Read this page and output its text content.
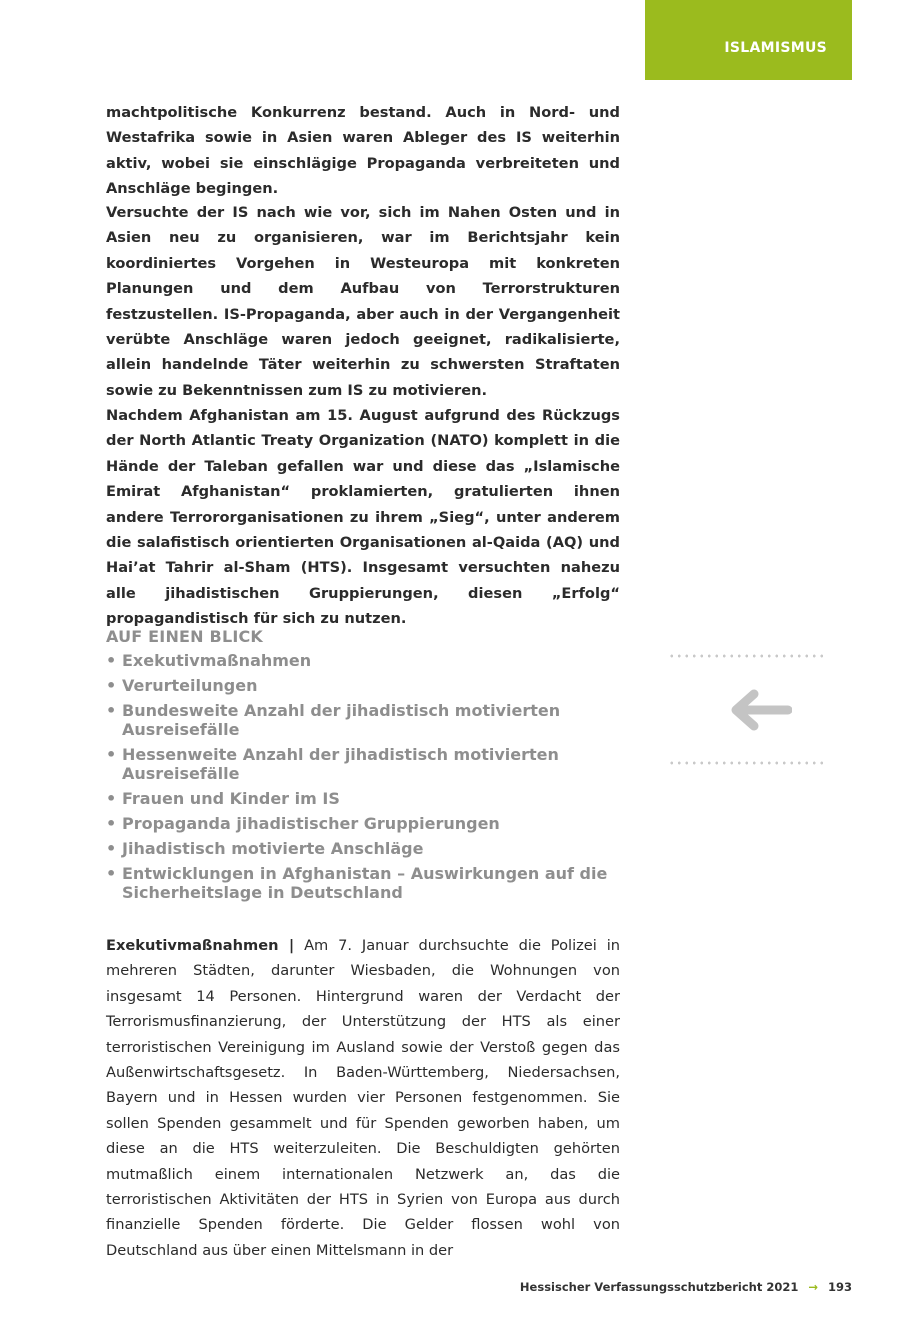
ISLAMISMUS

machtpolitische Konkurrenz bestand. Auch in Nord- und Westafrika sowie in Asien waren Ableger des IS weiterhin aktiv, wobei sie einschlägige Propaganda verbreiteten und Anschläge begingen.

Versuchte der IS nach wie vor, sich im Nahen Osten und in Asien neu zu organisieren, war im Berichtsjahr kein koordiniertes Vorgehen in Westeuropa mit konkreten Planungen und dem Aufbau von Terrorstrukturen festzustellen. IS-Propaganda, aber auch in der Vergangenheit verübte Anschläge waren jedoch geeignet, radikalisierte, allein handelnde Täter weiterhin zu schwersten Straftaten sowie zu Bekenntnissen zum IS zu motivieren.

Nachdem Afghanistan am 15. August aufgrund des Rückzugs der North Atlantic Treaty Organization (NATO) komplett in die Hände der Taleban gefallen war und diese das „Islamische Emirat Afghanistan“ proklamierten, gratulierten ihnen andere Terrororganisationen zu ihrem „Sieg“, unter anderem die salafistisch orientierten Organisationen al-Qaida (AQ) und Hai’at Tahrir al-Sham (HTS). Insgesamt versuchten nahezu alle jihadistischen Gruppierungen, diesen „Erfolg“ propagandistisch für sich zu nutzen.

AUF EINEN BLICK
• Exekutivmaßnahmen
• Verurteilungen
• Bundesweite Anzahl der jihadistisch motivierten Ausreisefälle
• Hessenweite Anzahl der jihadistisch motivierten Ausreisefälle
• Frauen und Kinder im IS
• Propaganda jihadistischer Gruppierungen
• Jihadistisch motivierte Anschläge
• Entwicklungen in Afghanistan – Auswirkungen auf die Sicherheitslage in Deutschland

Exekutivmaßnahmen | Am 7. Januar durchsuchte die Polizei in mehreren Städten, darunter Wiesbaden, die Wohnungen von insgesamt 14 Personen. Hintergrund waren der Verdacht der Terrorismusfinanzierung, der Unterstützung der HTS als einer terroristischen Vereinigung im Ausland sowie der Verstoß gegen das Außenwirtschaftsgesetz. In Baden-Württemberg, Niedersachsen, Bayern und in Hessen wurden vier Personen festgenommen. Sie sollen Spenden gesammelt und für Spenden geworben haben, um diese an die HTS weiterzuleiten. Die Beschuldigten gehörten mutmaßlich einem internationalen Netzwerk an, das die terroristischen Aktivitäten der HTS in Syrien von Europa aus durch finanzielle Spenden förderte. Die Gelder flossen wohl von Deutschland aus über einen Mittelsmann in der

Hessischer Verfassungsschutzbericht 2021 → 193
